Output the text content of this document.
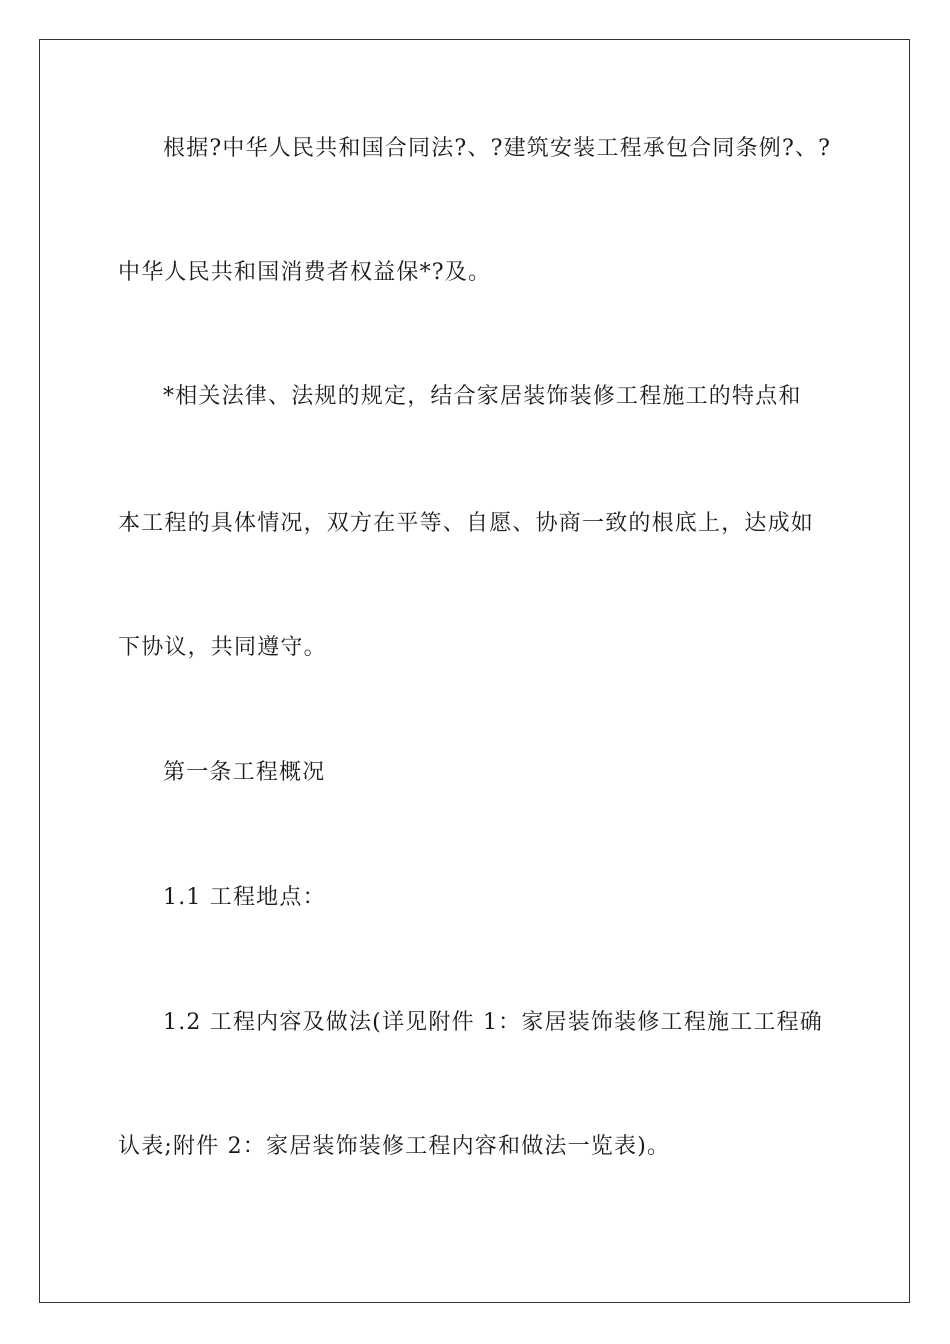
根据?中华人民共和国合同法?、?建筑安装工程承包合同条例?、?
中华人民共和国消费者权益保*?及。
*相关法律、法规的规定，结合家居装饰装修工程施工的特点和
本工程的具体情况，双方在平等、自愿、协商一致的根底上，达成如
下协议，共同遵守。
第一条工程概况
1.1 工程地点：
1.2 工程内容及做法(详见附件 1：家居装饰装修工程施工工程确
认表;附件 2：家居装饰装修工程内容和做法一览表)。
